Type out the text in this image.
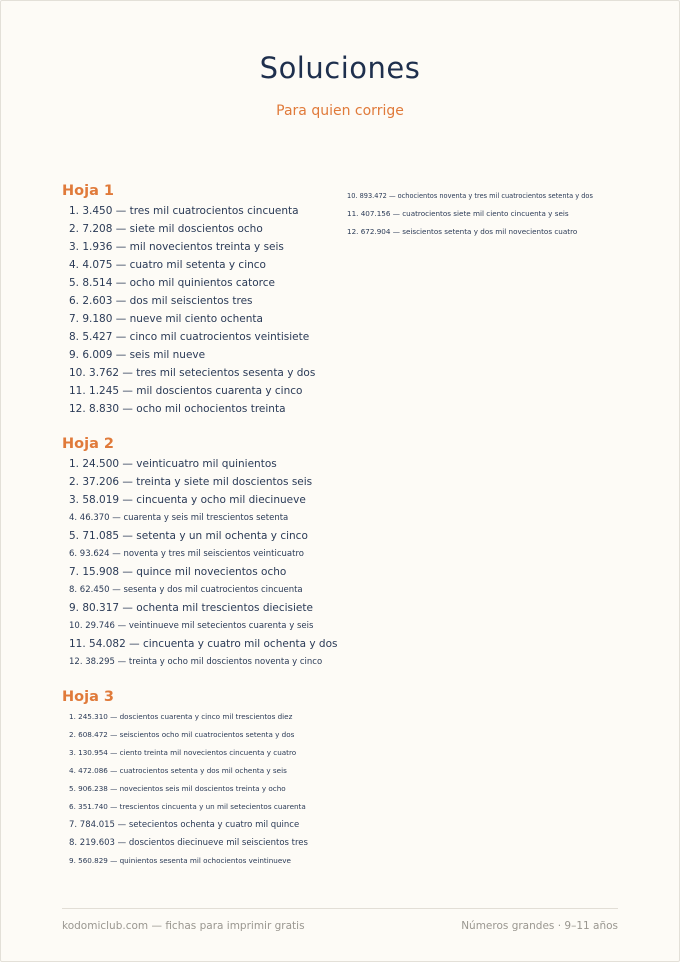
Soluciones
Para quien corrige
Hoja 1
1. 3.450 — tres mil cuatrocientos cincuenta
2. 7.208 — siete mil doscientos ocho
3. 1.936 — mil novecientos treinta y seis
4. 4.075 — cuatro mil setenta y cinco
5. 8.514 — ocho mil quinientos catorce
6. 2.603 — dos mil seiscientos tres
7. 9.180 — nueve mil ciento ochenta
8. 5.427 — cinco mil cuatrocientos veintisiete
9. 6.009 — seis mil nueve
10. 3.762 — tres mil setecientos sesenta y dos
11. 1.245 — mil doscientos cuarenta y cinco
12. 8.830 — ocho mil ochocientos treinta
Hoja 2
1. 24.500 — veinticuatro mil quinientos
2. 37.206 — treinta y siete mil doscientos seis
3. 58.019 — cincuenta y ocho mil diecinueve
4. 46.370 — cuarenta y seis mil trescientos setenta
5. 71.085 — setenta y un mil ochenta y cinco
6. 93.624 — noventa y tres mil seiscientos veinticuatro
7. 15.908 — quince mil novecientos ocho
8. 62.450 — sesenta y dos mil cuatrocientos cincuenta
9. 80.317 — ochenta mil trescientos diecisiete
10. 29.746 — veintinueve mil setecientos cuarenta y seis
11. 54.082 — cincuenta y cuatro mil ochenta y dos
12. 38.295 — treinta y ocho mil doscientos noventa y cinco
Hoja 3
1. 245.310 — doscientos cuarenta y cinco mil trescientos diez
2. 608.472 — seiscientos ocho mil cuatrocientos setenta y dos
3. 130.954 — ciento treinta mil novecientos cincuenta y cuatro
4. 472.086 — cuatrocientos setenta y dos mil ochenta y seis
5. 906.238 — novecientos seis mil doscientos treinta y ocho
6. 351.740 — trescientos cincuenta y un mil setecientos cuarenta
7. 784.015 — setecientos ochenta y cuatro mil quince
8. 219.603 — doscientos diecinueve mil seiscientos tres
9. 560.829 — quinientos sesenta mil ochocientos veintinueve
10. 893.472 — ochocientos noventa y tres mil cuatrocientos setenta y dos
11. 407.156 — cuatrocientos siete mil ciento cincuenta y seis
12. 672.904 — seiscientos setenta y dos mil novecientos cuatro
kodomiclub.com — fichas para imprimir gratis	Números grandes · 9–11 años
